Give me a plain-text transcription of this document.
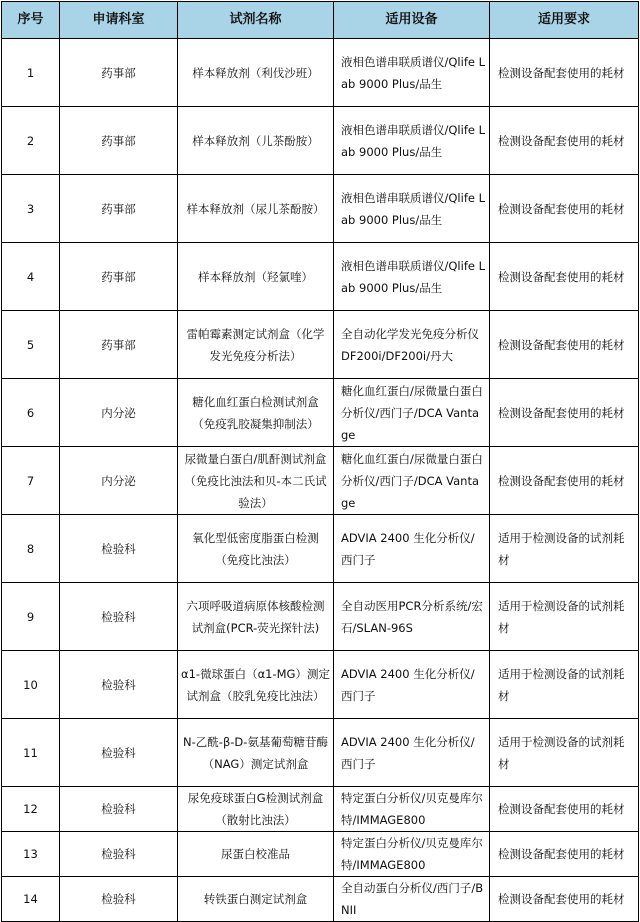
序号	申请科室	试剂名称	适用设备	适用要求
1	药事部	样本释放剂（利伐沙班）	液相色谱串联质谱仪/Qlife Lab 9000 Plus/品生	检测设备配套使用的耗材
2	药事部	样本释放剂（儿茶酚胺）	液相色谱串联质谱仪/Qlife Lab 9000 Plus/品生	检测设备配套使用的耗材
3	药事部	样本释放剂（尿儿茶酚胺）	液相色谱串联质谱仪/Qlife Lab 9000 Plus/品生	检测设备配套使用的耗材
4	药事部	样本释放剂（羟氯喹）	液相色谱串联质谱仪/Qlife Lab 9000 Plus/品生	检测设备配套使用的耗材
5	药事部	雷帕霉素测定试剂盒（化学发光免疫分析法）	全自动化学发光免疫分析仪 DF200i/DF200i/丹大	检测设备配套使用的耗材
6	内分泌	糖化血红蛋白检测试剂盒（免疫乳胶凝集抑制法）	糖化血红蛋白/尿微量白蛋白分析仪/西门子/DCA Vantage	检测设备配套使用的耗材
7	内分泌	尿微量白蛋白/肌酐测试剂盒（免疫比浊法和贝-本二氏试验法）	糖化血红蛋白/尿微量白蛋白分析仪/西门子/DCA Vantage	检测设备配套使用的耗材
8	检验科	氧化型低密度脂蛋白检测（免疫比浊法）	ADVIA 2400 生化分析仪/西门子	适用于检测设备的试剂耗材
9	检验科	六项呼吸道病原体核酸检测试剂盒(PCR-荧光探针法)	全自动医用PCR分析系统/宏石/SLAN-96S	适用于检测设备的试剂耗材
10	检验科	α1-微球蛋白（α1-MG）测定试剂盒（胶乳免疫比浊法）	ADVIA 2400 生化分析仪/西门子	适用于检测设备的试剂耗材
11	检验科	N-乙酰-β-D-氨基葡萄糖苷酶（NAG）测定试剂盒	ADVIA 2400 生化分析仪/西门子	适用于检测设备的试剂耗材
12	检验科	尿免疫球蛋白G检测试剂盒（散射比浊法）	特定蛋白分析仪/贝克曼库尔特/IMMAGE800	检测设备配套使用的耗材
13	检验科	尿蛋白校准品	特定蛋白分析仪/贝克曼库尔特/IMMAGE800	检测设备配套使用的耗材
14	检验科	转铁蛋白测定试剂盒	全自动蛋白分析仪/西门子/BNII	检测设备配套使用的耗材
